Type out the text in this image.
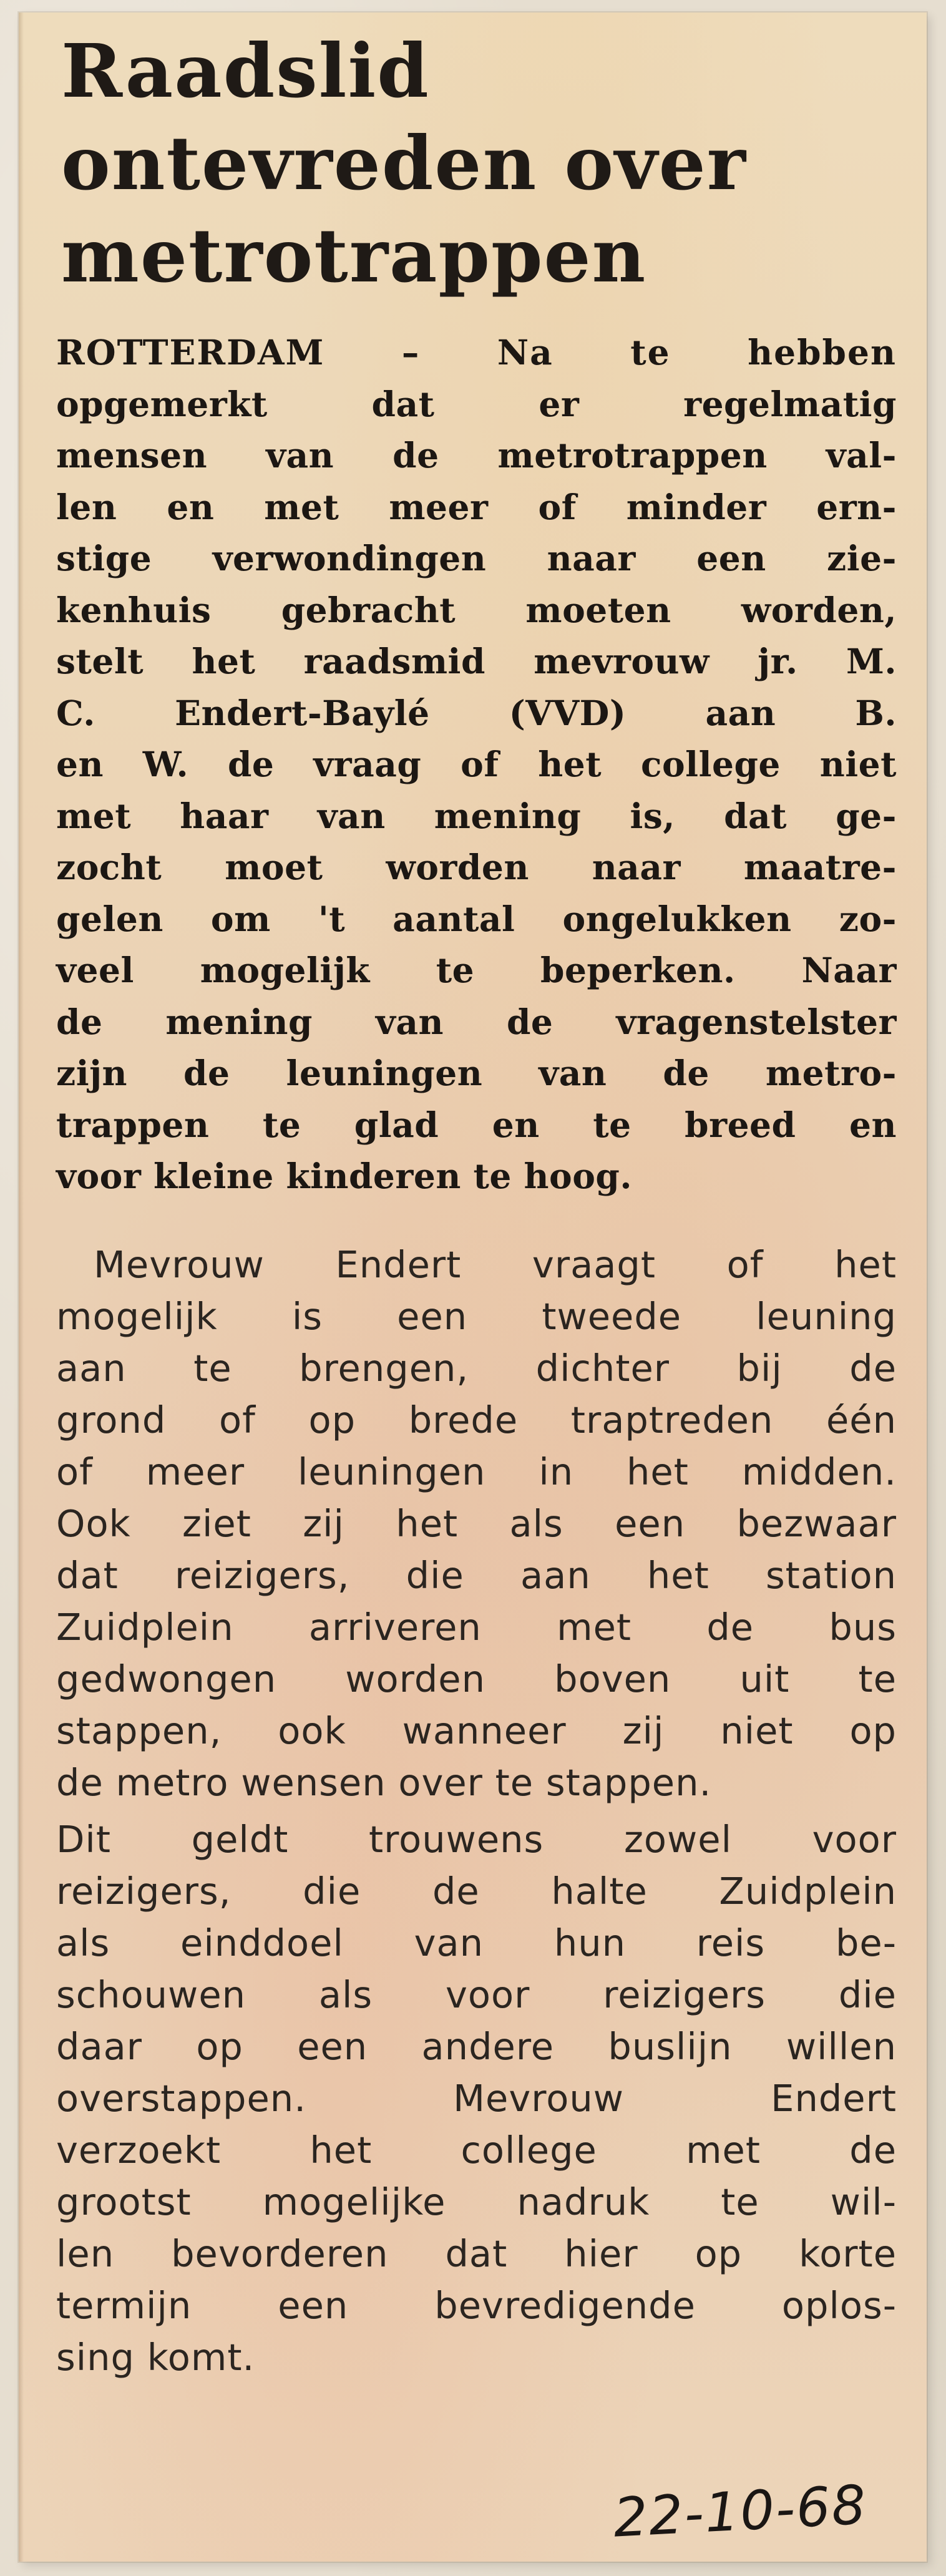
Raadslid
ontevreden over
metrotrappen
ROTTERDAM – Na te hebben
opgemerkt dat er regelmatig
mensen van de metrotrappen val-
len en met meer of minder ern-
stige verwondingen naar een zie-
kenhuis gebracht moeten worden,
stelt het raadsmid mevrouw jr. M.
C. Endert-Baylé (VVD) aan B.
en W. de vraag of het college niet
met haar van mening is, dat ge-
zocht moet worden naar maatre-
gelen om 't aantal ongelukken zo-
veel mogelijk te beperken. Naar
de mening van de vragenstelster
zijn de leuningen van de metro-
trappen te glad en te breed en
voor kleine kinderen te hoog.
Mevrouw Endert vraagt of het
mogelijk is een tweede leuning
aan te brengen, dichter bij de
grond of op brede traptreden één
of meer leuningen in het midden.
Ook ziet zij het als een bezwaar
dat reizigers, die aan het station
Zuidplein arriveren met de bus
gedwongen worden boven uit te
stappen, ook wanneer zij niet op
de metro wensen over te stappen.
Dit geldt trouwens zowel voor
reizigers, die de halte Zuidplein
als einddoel van hun reis be-
schouwen als voor reizigers die
daar op een andere buslijn willen
overstappen. Mevrouw Endert
verzoekt het college met de
grootst mogelijke nadruk te wil-
len bevorderen dat hier op korte
termijn een bevredigende oplos-
sing komt.
22-10-68
